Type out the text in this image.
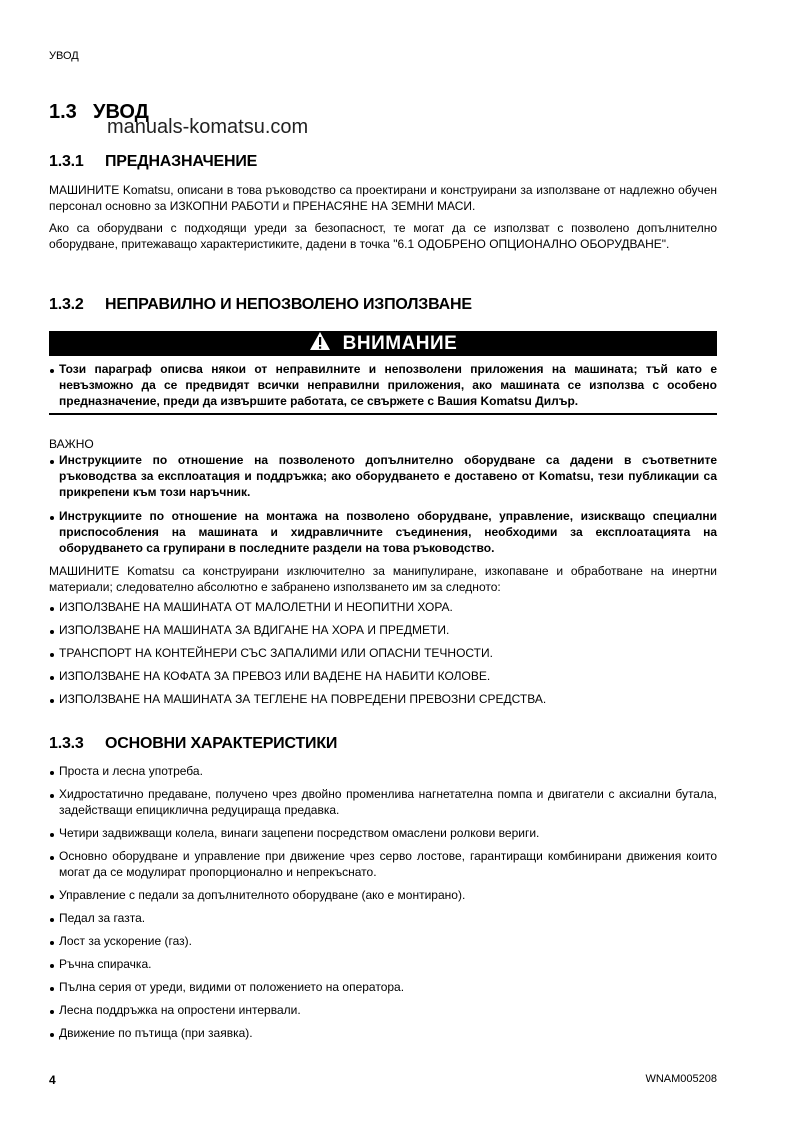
УВОД
1.3 УВОД
manuals-komatsu.com
1.3.1 ПРЕДНАЗНАЧЕНИЕ
МАШИНИТЕ Komatsu, описани в това ръководство са проектирани и конструирани за използване от надлежно обучен персонал основно за ИЗКОПНИ РАБОТИ и ПРЕНАСЯНЕ НА ЗЕМНИ МАСИ.
Ако са оборудвани с подходящи уреди за безопасност, те могат да се използват с позволено допълнително оборудване, притежаващо характеристиките, дадени в точка "6.1 ОДОБРЕНО ОПЦИОНАЛНО ОБОРУДВАНЕ".
1.3.2 НЕПРАВИЛНО И НЕПОЗВОЛЕНО ИЗПОЛЗВАНЕ
ВНИМАНИЕ
Този параграф описва някои от неправилните и непозволени приложения на машината; тъй като е невъзможно да се предвидят всички неправилни приложения, ако машината се използва с особено предназначение, преди да извършите работата, се свържете с Вашия Komatsu Дилър.
ВАЖНО
Инструкциите по отношение на позволеното допълнително оборудване са дадени в съответните ръководства за експлоатация и поддръжка; ако оборудването е доставено от Komatsu, тези публикации са прикрепени към този наръчник.
Инструкциите по отношение на монтажа на позволено оборудване, управление, изискващо специални приспособления на машината и хидравличните съединения, необходими за експлоатацията на оборудването са групирани в последните раздели на това ръководство.
МАШИНИТЕ Komatsu са конструирани изключително за манипулиране, изкопаване и обработване на инертни материали; следователно абсолютно е забранено използването им за следното:
ИЗПОЛЗВАНЕ НА МАШИНАТА ОТ МАЛОЛЕТНИ И НЕОПИТНИ ХОРА.
ИЗПОЛЗВАНЕ НА МАШИНАТА ЗА ВДИГАНЕ НА ХОРА И ПРЕДМЕТИ.
ТРАНСПОРТ НА КОНТЕЙНЕРИ СЪС ЗАПАЛИМИ ИЛИ ОПАСНИ ТЕЧНОСТИ.
ИЗПОЛЗВАНЕ НА КОФАТА ЗА ПРЕВОЗ ИЛИ ВАДЕНЕ НА НАБИТИ КОЛОВЕ.
ИЗПОЛЗВАНЕ НА МАШИНАТА ЗА ТЕГЛЕНЕ НА ПОВРЕДЕНИ ПРЕВОЗНИ СРЕДСТВА.
1.3.3 ОСНОВНИ ХАРАКТЕРИСТИКИ
Проста и лесна употреба.
Хидростатично предаване, получено чрез двойно променлива нагнетателна помпа и двигатели с аксиални бутала, задействащи епициклична редуцираща предавка.
Четири задвижващи колела, винаги зацепени посредством омаслени ролкови вериги.
Основно оборудване и управление при движение чрез серво лостове, гарантиращи комбинирани движения които могат да се модулират пропорционално и непрекъснато.
Управление с педали за допълнителното оборудване (ако е монтирано).
Педал за газта.
Лост за ускорение (газ).
Ръчна спирачка.
Пълна серия от уреди, видими от положението на оператора.
Лесна поддръжка на опростени интервали.
Движение по пътища (при заявка).
4	WNAM005208
